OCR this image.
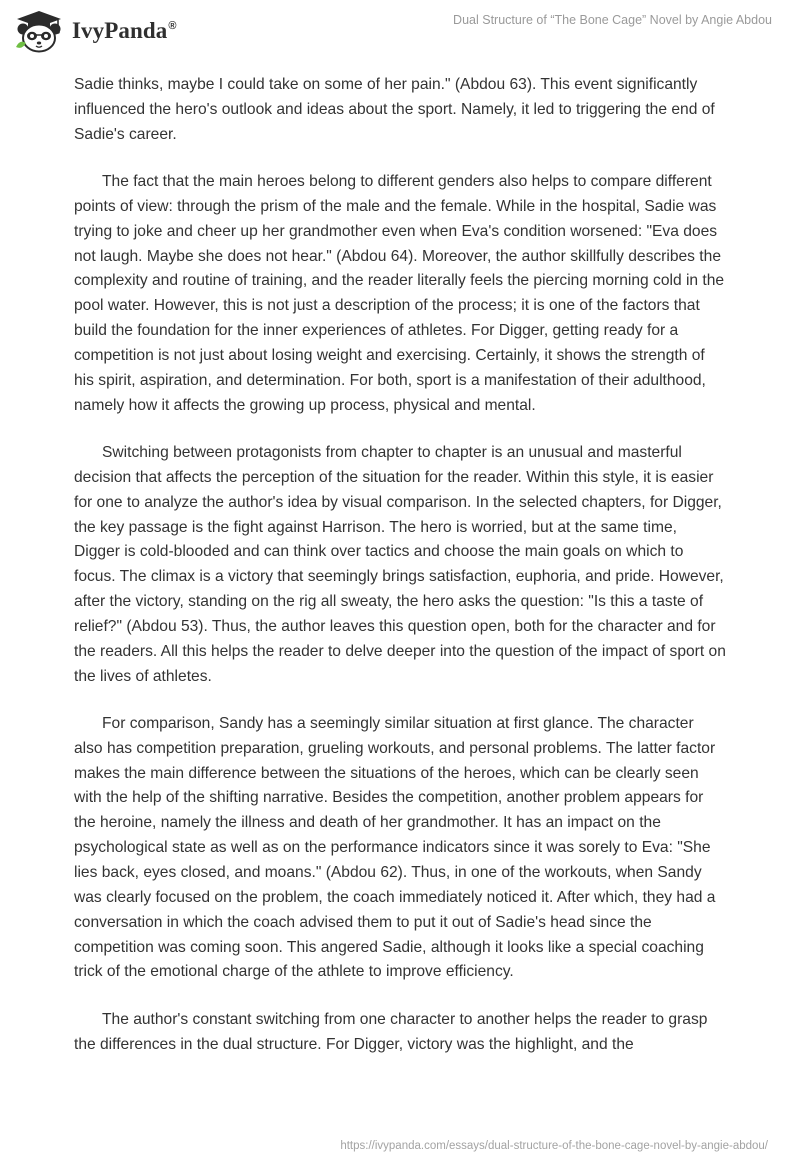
IvyPanda®	Dual Structure of “The Bone Cage” Novel by Angie Abdou

Sadie thinks, maybe I could take on some of her pain." (Abdou 63). This event significantly influenced the hero's outlook and ideas about the sport. Namely, it led to triggering the end of Sadie's career.

The fact that the main heroes belong to different genders also helps to compare different points of view: through the prism of the male and the female. While in the hospital, Sadie was trying to joke and cheer up her grandmother even when Eva's condition worsened: "Eva does not laugh. Maybe she does not hear." (Abdou 64). Moreover, the author skillfully describes the complexity and routine of training, and the reader literally feels the piercing morning cold in the pool water. However, this is not just a description of the process; it is one of the factors that build the foundation for the inner experiences of athletes. For Digger, getting ready for a competition is not just about losing weight and exercising. Certainly, it shows the strength of his spirit, aspiration, and determination. For both, sport is a manifestation of their adulthood, namely how it affects the growing up process, physical and mental.

Switching between protagonists from chapter to chapter is an unusual and masterful decision that affects the perception of the situation for the reader. Within this style, it is easier for one to analyze the author's idea by visual comparison. In the selected chapters, for Digger, the key passage is the fight against Harrison. The hero is worried, but at the same time, Digger is cold-blooded and can think over tactics and choose the main goals on which to focus. The climax is a victory that seemingly brings satisfaction, euphoria, and pride. However, after the victory, standing on the rig all sweaty, the hero asks the question: "Is this a taste of relief?" (Abdou 53). Thus, the author leaves this question open, both for the character and for the readers. All this helps the reader to delve deeper into the question of the impact of sport on the lives of athletes.

For comparison, Sandy has a seemingly similar situation at first glance. The character also has competition preparation, grueling workouts, and personal problems. The latter factor makes the main difference between the situations of the heroes, which can be clearly seen with the help of the shifting narrative. Besides the competition, another problem appears for the heroine, namely the illness and death of her grandmother. It has an impact on the psychological state as well as on the performance indicators since it was sorely to Eva: "She lies back, eyes closed, and moans." (Abdou 62). Thus, in one of the workouts, when Sandy was clearly focused on the problem, the coach immediately noticed it. After which, they had a conversation in which the coach advised them to put it out of Sadie's head since the competition was coming soon. This angered Sadie, although it looks like a special coaching trick of the emotional charge of the athlete to improve efficiency.

The author's constant switching from one character to another helps the reader to grasp the differences in the dual structure. For Digger, victory was the highlight, and the

https://ivypanda.com/essays/dual-structure-of-the-bone-cage-novel-by-angie-abdou/
